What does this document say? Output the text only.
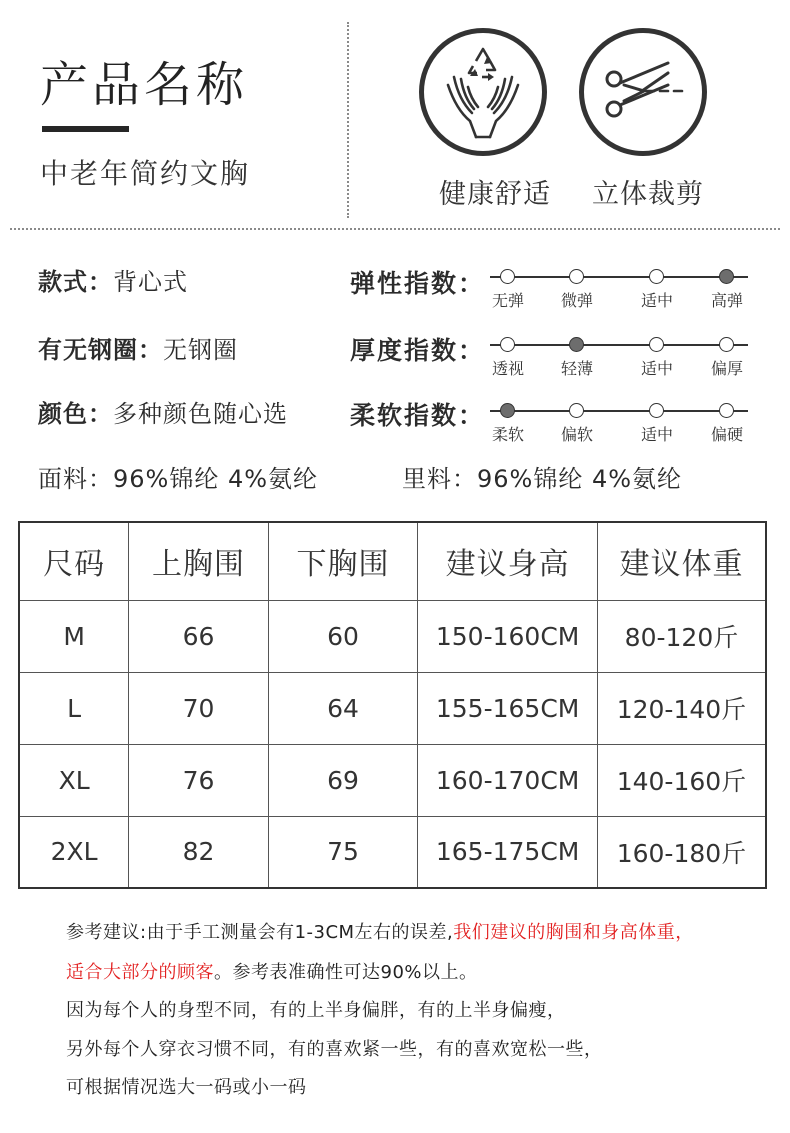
产品名称
中老年简约文胸
健康舒适 立体裁剪
款式：背心式
有无钢圈：无钢圈
颜色：多种颜色随心选
面料：96%锦纶 4%氨纶	里料：96%锦纶 4%氨纶
弹性指数：
无弹	微弹	适中	高弹
厚度指数：
透视	轻薄	适中	偏厚
柔软指数：
柔软	偏软	适中	偏硬
尺码	上胸围	下胸围	建议身高	建议体重
M	66	60	150-160CM	80-120斤
L	70	64	155-165CM	120-140斤
XL	76	69	160-170CM	140-160斤
2XL	82	75	165-175CM	160-180斤
参考建议:由于手工测量会有1-3CM左右的误差,我们建议的胸围和身高体重，
适合大部分的顾客。参考表准确性可达90%以上。
因为每个人的身型不同，有的上半身偏胖，有的上半身偏瘦，
另外每个人穿衣习惯不同，有的喜欢紧一些，有的喜欢宽松一些，
可根据情况选大一码或小一码
